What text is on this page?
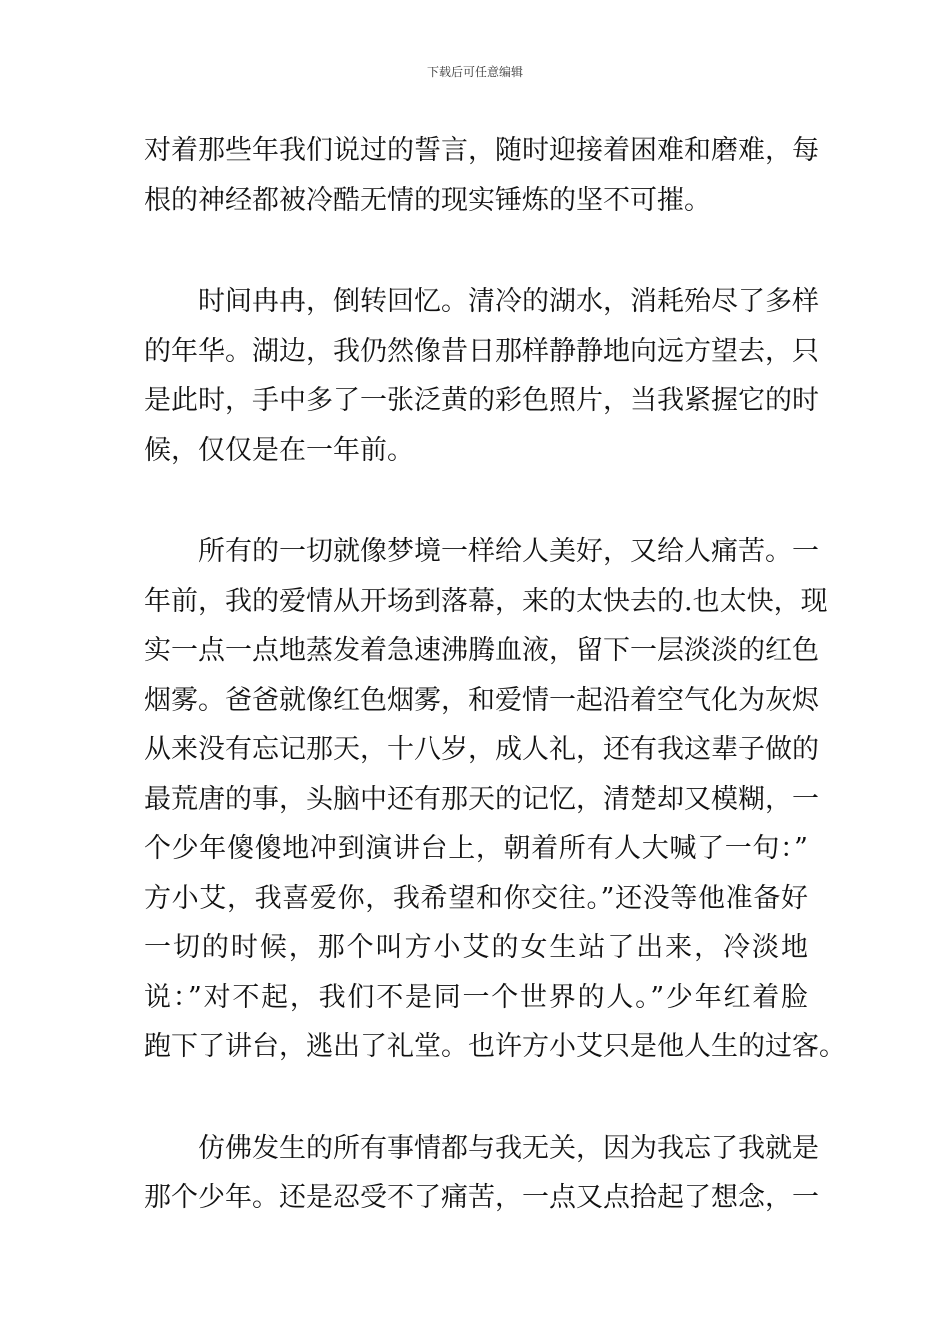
下载后可任意编辑
对着那些年我们说过的誓言，随时迎接着困难和磨难，每
根的神经都被冷酷无情的现实锤炼的坚不可摧。
　　时间冉冉，倒转回忆。清冷的湖水，消耗殆尽了多样
的年华。湖边，我仍然像昔日那样静静地向远方望去，只
是此时，手中多了一张泛黄的彩色照片，当我紧握它的时
候，仅仅是在一年前。
　　所有的一切就像梦境一样给人美好，又给人痛苦。一
年前，我的爱情从开场到落幕，来的太快去的.也太快，现
实一点一点地蒸发着急速沸腾血液，留下一层淡淡的红色
烟雾。爸爸就像红色烟雾，和爱情一起沿着空气化为灰烬
从来没有忘记那天，十八岁，成人礼，还有我这辈子做的
最荒唐的事，头脑中还有那天的记忆，清楚却又模糊，一
个少年傻傻地冲到演讲台上，朝着所有人大喊了一句：”
方小艾，我喜爱你，我希望和你交往。”还没等他准备好
一切的时候，那个叫方小艾的女生站了出来，冷淡地
说：”对不起，我们不是同一个世界的人。”少年红着脸
跑下了讲台，逃出了礼堂。也许方小艾只是他人生的过客。
　　仿佛发生的所有事情都与我无关，因为我忘了我就是
那个少年。还是忍受不了痛苦，一点又点拾起了想念，一
